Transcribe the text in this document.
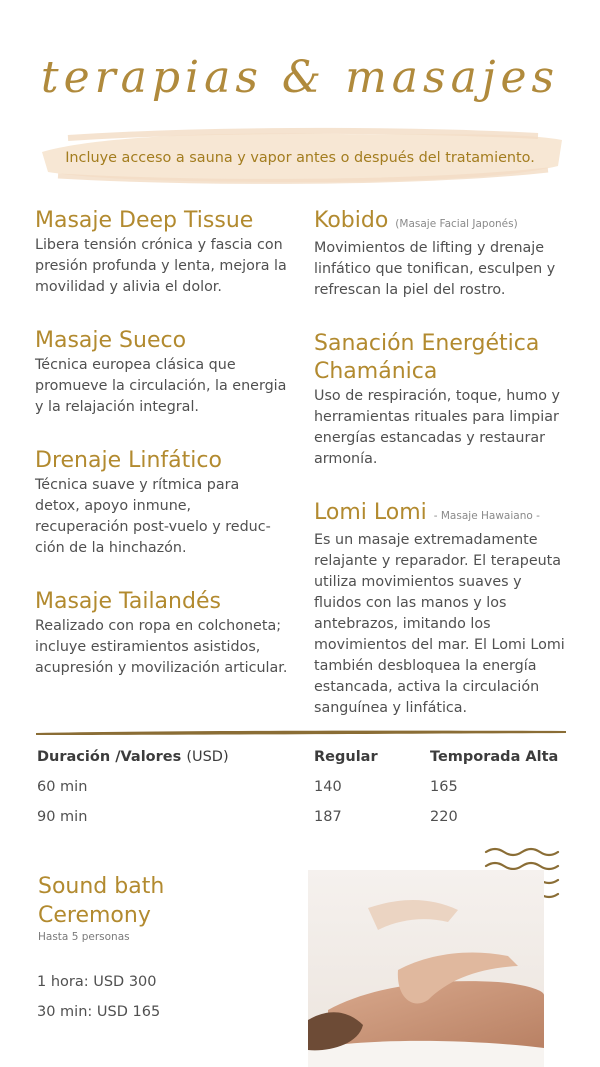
terapias & masajes
Incluye acceso a sauna y vapor antes o después del tratamiento.
Masaje Deep Tissue
Libera tensión crónica y fascia con presión profunda y lenta, mejora la movilidad y alivia el dolor.
Masaje Sueco
Técnica europea clásica que promueve la circulación, la energia y la relajación integral.
Drenaje Linfático
Técnica suave y rítmica para detox, apoyo inmune, recuperación post-vuelo y reduc- ción de la hinchazón.
Masaje Tailandés
Realizado con ropa en colchoneta; incluye estiramientos asistidos, acupresión y movilización articular.
Kobido (Masaje Facial Japonés)
Movimientos de lifting y drenaje linfático que tonifican, esculpen y refrescan la piel del rostro.
Sanación Energética Chamánica
Uso de respiración, toque, humo y herramientas rituales para limpiar energías estancadas y restaurar armonía.
Lomi Lomi - Masaje Hawaiano -
Es un masaje extremadamente relajante y reparador. El terapeuta utiliza movimientos suaves y fluidos con las manos y los antebrazos, imitando los movimientos del mar. El Lomi Lomi también desbloquea la energía estancada, activa la circulación sanguínea y linfática.
Duración /Valores (USD)	Regular	Temporada Alta
60 min	140	165
90 min	187	220
Sound bath Ceremony
Hasta 5 personas
1 hora: USD 300
30 min: USD 165
